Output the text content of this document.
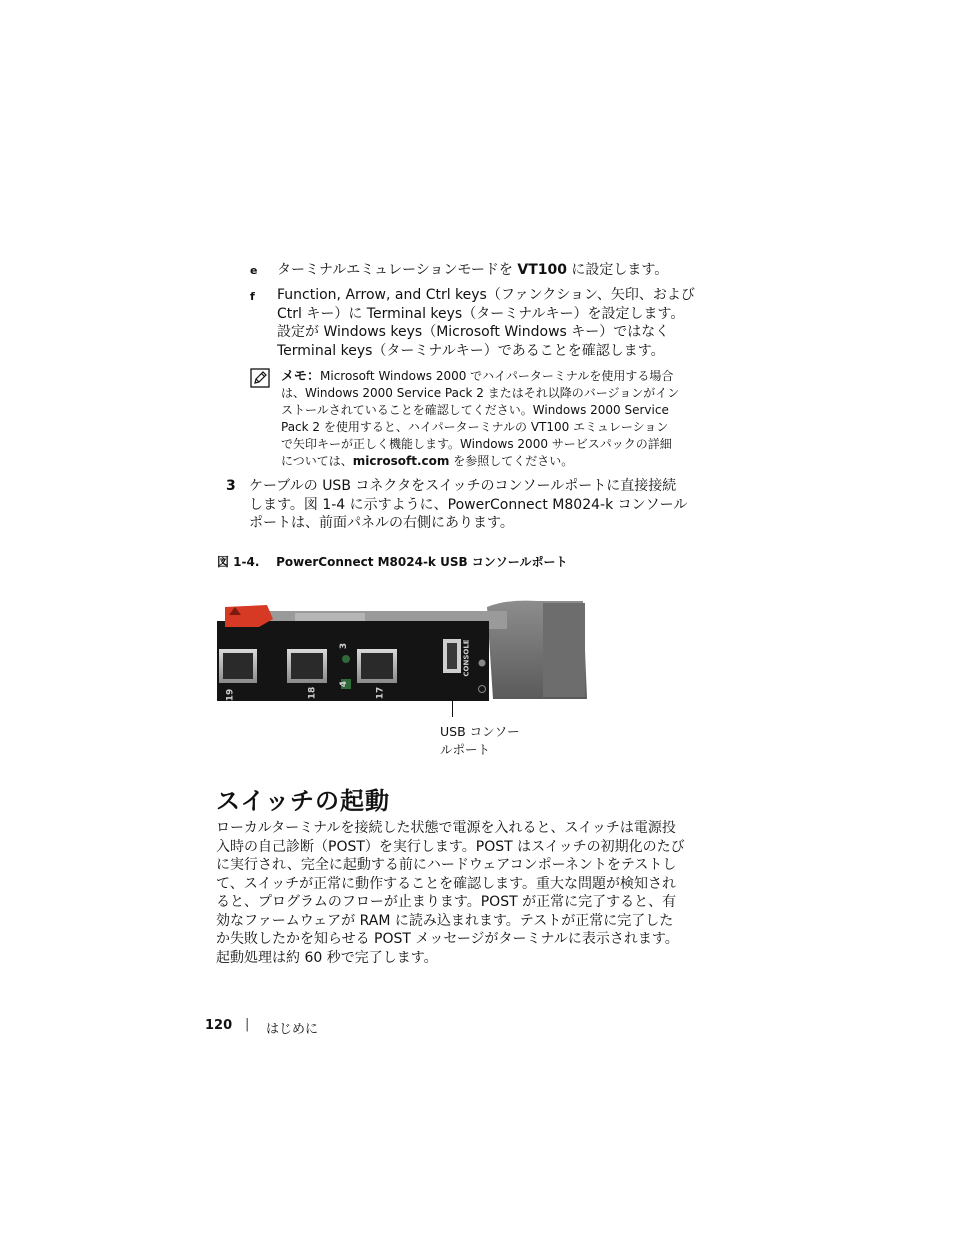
e ターミナルエミュレーションモードを VT100 に設定します。
f Function, Arrow, and Ctrl keys（ファンクション、矢印、および
Ctrl キー）に Terminal keys（ターミナルキー）を設定します。
設定が Windows keys（Microsoft Windows キー）ではなく
Terminal keys（ターミナルキー）であることを確認します。
メモ：Microsoft Windows 2000 でハイパーターミナルを使用する場合
は、Windows 2000 Service Pack 2 またはそれ以降のバージョンがイン
ストールされていることを確認してください。Windows 2000 Service
Pack 2 を使用すると、ハイパーターミナルの VT100 エミュレーション
で矢印キーが正しく機能します。Windows 2000 サービスパックの詳細
については、microsoft.com を参照してください。
3 ケーブルの USB コネクタをスイッチのコンソールポートに直接接続
します。図 1-4 に示すように、PowerConnect M8024-k コンソール
ポートは、前面パネルの右側にあります。
図 1-4.    PowerConnect M8024-k USB コンソールポート
19	18	17
3
4
CONSOLE
USB コンソー
ルポート
スイッチの起動
ローカルターミナルを接続した状態で電源を入れると、スイッチは電源投
入時の自己診断（POST）を実行します。POST はスイッチの初期化のたび
に実行され、完全に起動する前にハードウェアコンポーネントをテストし
て、スイッチが正常に動作することを確認します。重大な問題が検知され
ると、プログラムのフローが止まります。POST が正常に完了すると、有
効なファームウェアが RAM に読み込まれます。テストが正常に完了した
か失敗したかを知らせる POST メッセージがターミナルに表示されます。
起動処理は約 60 秒で完了します。
120 | はじめに
